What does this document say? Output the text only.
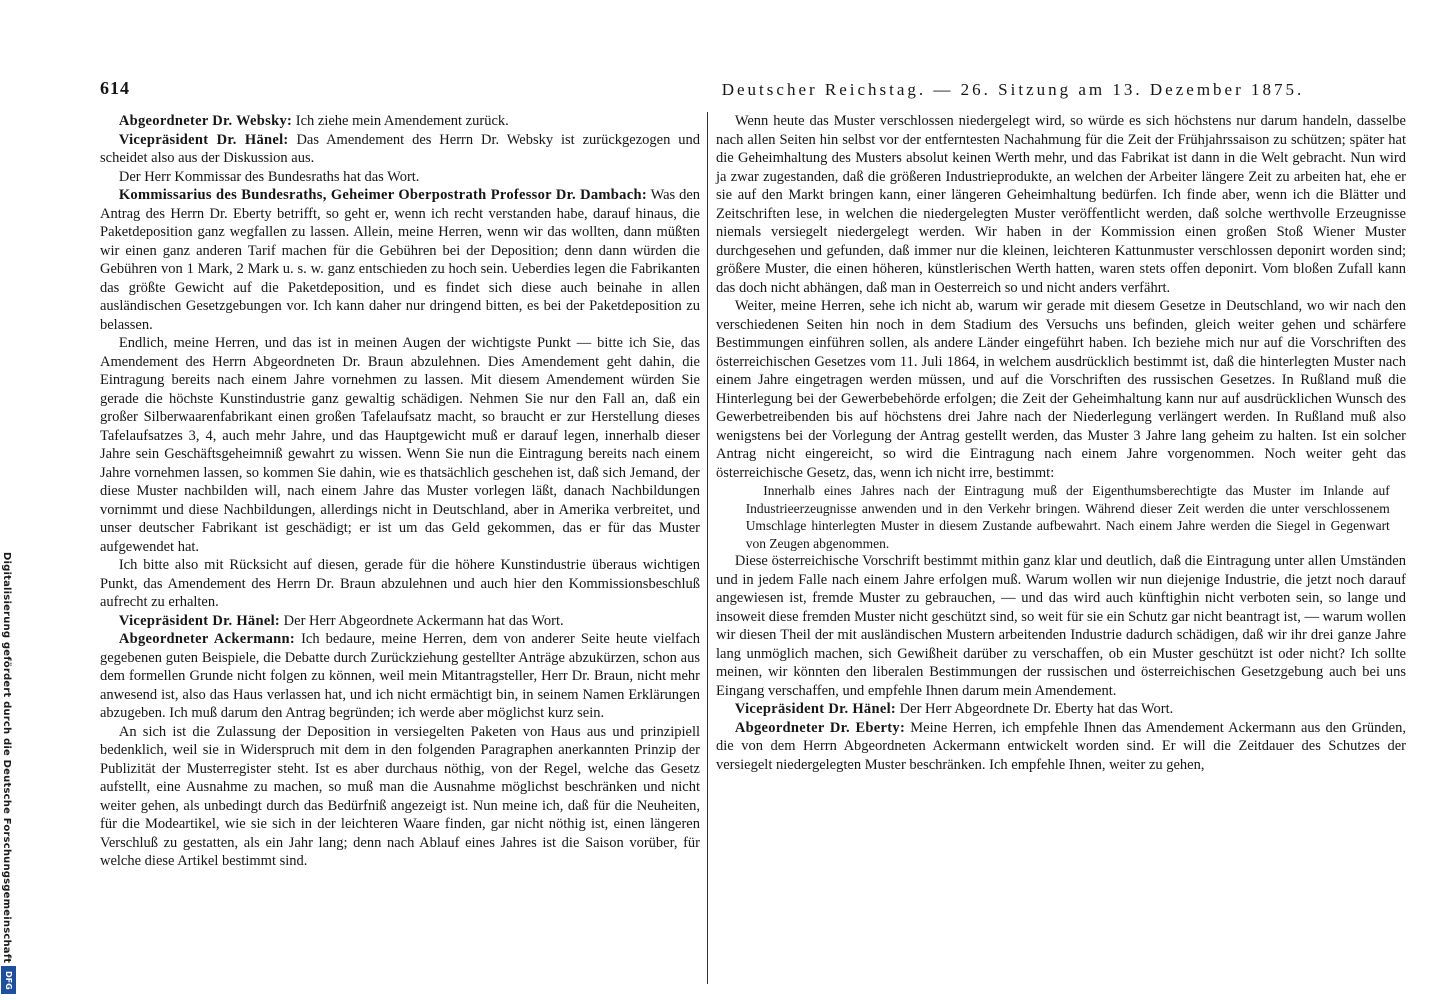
Digitalisierung gefördert durch die Deutsche Forschungsgemeinschaft
DFG
614	Deutscher Reichstag. — 26. Sitzung am 13. Dezember 1875.

Abgeordneter Dr. Websky: Ich ziehe mein Amendement zurück.

Vicepräsident Dr. Hänel: Das Amendement des Herrn Dr. Websky ist zurückgezogen und scheidet also aus der Diskussion aus.

Der Herr Kommissar des Bundesraths hat das Wort.

Kommissarius des Bundesraths, Geheimer Oberpostrath Professor Dr. Dambach: Was den Antrag des Herrn Dr. Eberty betrifft, so geht er, wenn ich recht verstanden habe, darauf hinaus, die Paketdeposition ganz wegfallen zu lassen. Allein, meine Herren, wenn wir das wollten, dann müßten wir einen ganz anderen Tarif machen für die Gebühren bei der Deposition; denn dann würden die Gebühren von 1 Mark, 2 Mark u. s. w. ganz entschieden zu hoch sein. Ueberdies legen die Fabrikanten das größte Gewicht auf die Paketdeposition, und es findet sich diese auch beinahe in allen ausländischen Gesetzgebungen vor. Ich kann daher nur dringend bitten, es bei der Paketdeposition zu belassen.

Endlich, meine Herren, und das ist in meinen Augen der wichtigste Punkt — bitte ich Sie, das Amendement des Herrn Abgeordneten Dr. Braun abzulehnen. Dies Amendement geht dahin, die Eintragung bereits nach einem Jahre vornehmen zu lassen. Mit diesem Amendement würden Sie gerade die höchste Kunstindustrie ganz gewaltig schädigen. Nehmen Sie nur den Fall an, daß ein großer Silberwaarenfabrikant einen großen Tafelaufsatz macht, so braucht er zur Herstellung dieses Tafelaufsatzes 3, 4, auch mehr Jahre, und das Hauptgewicht muß er darauf legen, innerhalb dieser Jahre sein Geschäftsgeheimniß gewahrt zu wissen. Wenn Sie nun die Eintragung bereits nach einem Jahre vornehmen lassen, so kommen Sie dahin, wie es thatsächlich geschehen ist, daß sich Jemand, der diese Muster nachbilden will, nach einem Jahre das Muster vorlegen läßt, danach Nachbildungen vornimmt und diese Nachbildungen, allerdings nicht in Deutschland, aber in Amerika verbreitet, und unser deutscher Fabrikant ist geschädigt; er ist um das Geld gekommen, das er für das Muster aufgewendet hat.

Ich bitte also mit Rücksicht auf diesen, gerade für die höhere Kunstindustrie überaus wichtigen Punkt, das Amendement des Herrn Dr. Braun abzulehnen und auch hier den Kommissionsbeschluß aufrecht zu erhalten.

Vicepräsident Dr. Hänel: Der Herr Abgeordnete Ackermann hat das Wort.

Abgeordneter Ackermann: Ich bedaure, meine Herren, dem von anderer Seite heute vielfach gegebenen guten Beispiele, die Debatte durch Zurückziehung gestellter Anträge abzukürzen, schon aus dem formellen Grunde nicht folgen zu können, weil mein Mitantragsteller, Herr Dr. Braun, nicht mehr anwesend ist, also das Haus verlassen hat, und ich nicht ermächtigt bin, in seinem Namen Erklärungen abzugeben. Ich muß darum den Antrag begründen; ich werde aber möglichst kurz sein.

An sich ist die Zulassung der Deposition in versiegelten Paketen von Haus aus und prinzipiell bedenklich, weil sie in Widerspruch mit dem in den folgenden Paragraphen anerkannten Prinzip der Publizität der Musterregister steht. Ist es aber durchaus nöthig, von der Regel, welche das Gesetz aufstellt, eine Ausnahme zu machen, so muß man die Ausnahme möglichst beschränken und nicht weiter gehen, als unbedingt durch das Bedürfniß angezeigt ist. Nun meine ich, daß für die Neuheiten, für die Modeartikel, wie sie sich in der leichteren Waare finden, gar nicht nöthig ist, einen längeren Verschluß zu gestatten, als ein Jahr lang; denn nach Ablauf eines Jahres ist die Saison vorüber, für welche diese Artikel bestimmt sind.

Wenn heute das Muster verschlossen niedergelegt wird, so würde es sich höchstens nur darum handeln, dasselbe nach allen Seiten hin selbst vor der entferntesten Nachahmung für die Zeit der Frühjahrssaison zu schützen; später hat die Geheimhaltung des Musters absolut keinen Werth mehr, und das Fabrikat ist dann in die Welt gebracht. Nun wird ja zwar zugestanden, daß die größeren Industrieprodukte, an welchen der Arbeiter längere Zeit zu arbeiten hat, ehe er sie auf den Markt bringen kann, einer längeren Geheimhaltung bedürfen. Ich finde aber, wenn ich die Blätter und Zeitschriften lese, in welchen die niedergelegten Muster veröffentlicht werden, daß solche werthvolle Erzeugnisse niemals versiegelt niedergelegt werden. Wir haben in der Kommission einen großen Stoß Wiener Muster durchgesehen und gefunden, daß immer nur die kleinen, leichteren Kattunmuster verschlossen deponirt worden sind; größere Muster, die einen höheren, künstlerischen Werth hatten, waren stets offen deponirt. Vom bloßen Zufall kann das doch nicht abhängen, daß man in Oesterreich so und nicht anders verfährt.

Weiter, meine Herren, sehe ich nicht ab, warum wir gerade mit diesem Gesetze in Deutschland, wo wir nach den verschiedenen Seiten hin noch in dem Stadium des Versuchs uns befinden, gleich weiter gehen und schärfere Bestimmungen einführen sollen, als andere Länder eingeführt haben. Ich beziehe mich nur auf die Vorschriften des österreichischen Gesetzes vom 11. Juli 1864, in welchem ausdrücklich bestimmt ist, daß die hinterlegten Muster nach einem Jahre eingetragen werden müssen, und auf die Vorschriften des russischen Gesetzes. In Rußland muß die Hinterlegung bei der Gewerbebehörde erfolgen; die Zeit der Geheimhaltung kann nur auf ausdrücklichen Wunsch des Gewerbetreibenden bis auf höchstens drei Jahre nach der Niederlegung verlängert werden. In Rußland muß also wenigstens bei der Vorlegung der Antrag gestellt werden, das Muster 3 Jahre lang geheim zu halten. Ist ein solcher Antrag nicht eingereicht, so wird die Eintragung nach einem Jahre vorgenommen. Noch weiter geht das österreichische Gesetz, das, wenn ich nicht irre, bestimmt:

Innerhalb eines Jahres nach der Eintragung muß der Eigenthumsberechtigte das Muster im Inlande auf Industrieerzeugnisse anwenden und in den Verkehr bringen. Während dieser Zeit werden die unter verschlossenem Umschlage hinterlegten Muster in diesem Zustande aufbewahrt. Nach einem Jahre werden die Siegel in Gegenwart von Zeugen abgenommen.

Diese österreichische Vorschrift bestimmt mithin ganz klar und deutlich, daß die Eintragung unter allen Umständen und in jedem Falle nach einem Jahre erfolgen muß. Warum wollen wir nun diejenige Industrie, die jetzt noch darauf angewiesen ist, fremde Muster zu gebrauchen, — und das wird auch künftighin nicht verboten sein, so lange und insoweit diese fremden Muster nicht geschützt sind, so weit für sie ein Schutz gar nicht beantragt ist, — warum wollen wir diesen Theil der mit ausländischen Mustern arbeitenden Industrie dadurch schädigen, daß wir ihr drei ganze Jahre lang unmöglich machen, sich Gewißheit darüber zu verschaffen, ob ein Muster geschützt ist oder nicht? Ich sollte meinen, wir könnten den liberalen Bestimmungen der russischen und österreichischen Gesetzgebung auch bei uns Eingang verschaffen, und empfehle Ihnen darum mein Amendement.

Vicepräsident Dr. Hänel: Der Herr Abgeordnete Dr. Eberty hat das Wort.

Abgeordneter Dr. Eberty: Meine Herren, ich empfehle Ihnen das Amendement Ackermann aus den Gründen, die von dem Herrn Abgeordneten Ackermann entwickelt worden sind. Er will die Zeitdauer des Schutzes der versiegelt niedergelegten Muster beschränken. Ich empfehle Ihnen, weiter zu gehen,
